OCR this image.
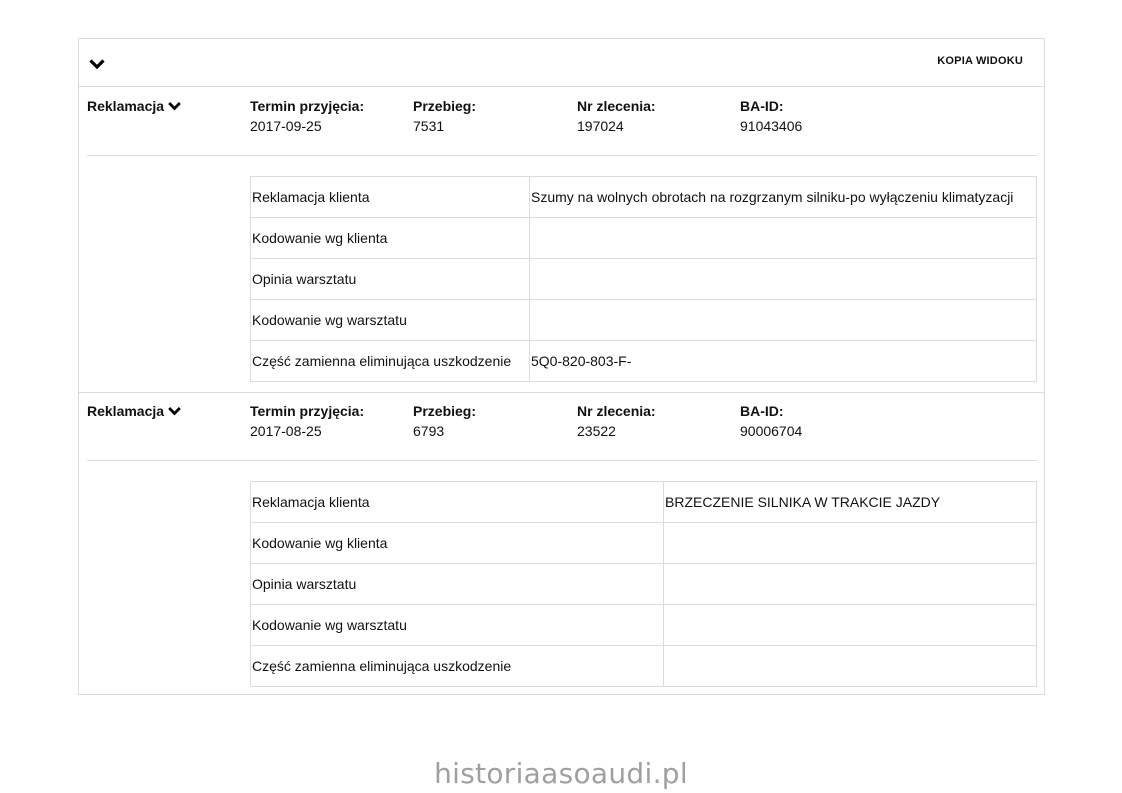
KOPIA WIDOKU
Reklamacja	Termin przyjęcia:
2017-09-25
Przebieg:
7531
Nr zlecenia:
197024
BA-ID:
91043406
Reklamacja klienta	Szumy na wolnych obrotach na rozgrzanym silniku-po wyłączeniu klimatyzacji
Kodowanie wg klienta	
Opinia warsztatu	
Kodowanie wg warsztatu	
Część zamienna eliminująca uszkodzenie	5Q0-820-803-F-
Reklamacja	Termin przyjęcia:
2017-08-25
Przebieg:
6793
Nr zlecenia:
23522
BA-ID:
90006704
Reklamacja klienta	BRZECZENIE SILNIKA W TRAKCIE JAZDY
Kodowanie wg klienta	
Opinia warsztatu	
Kodowanie wg warsztatu	
Część zamienna eliminująca uszkodzenie	
historiaasoaudi.pl
